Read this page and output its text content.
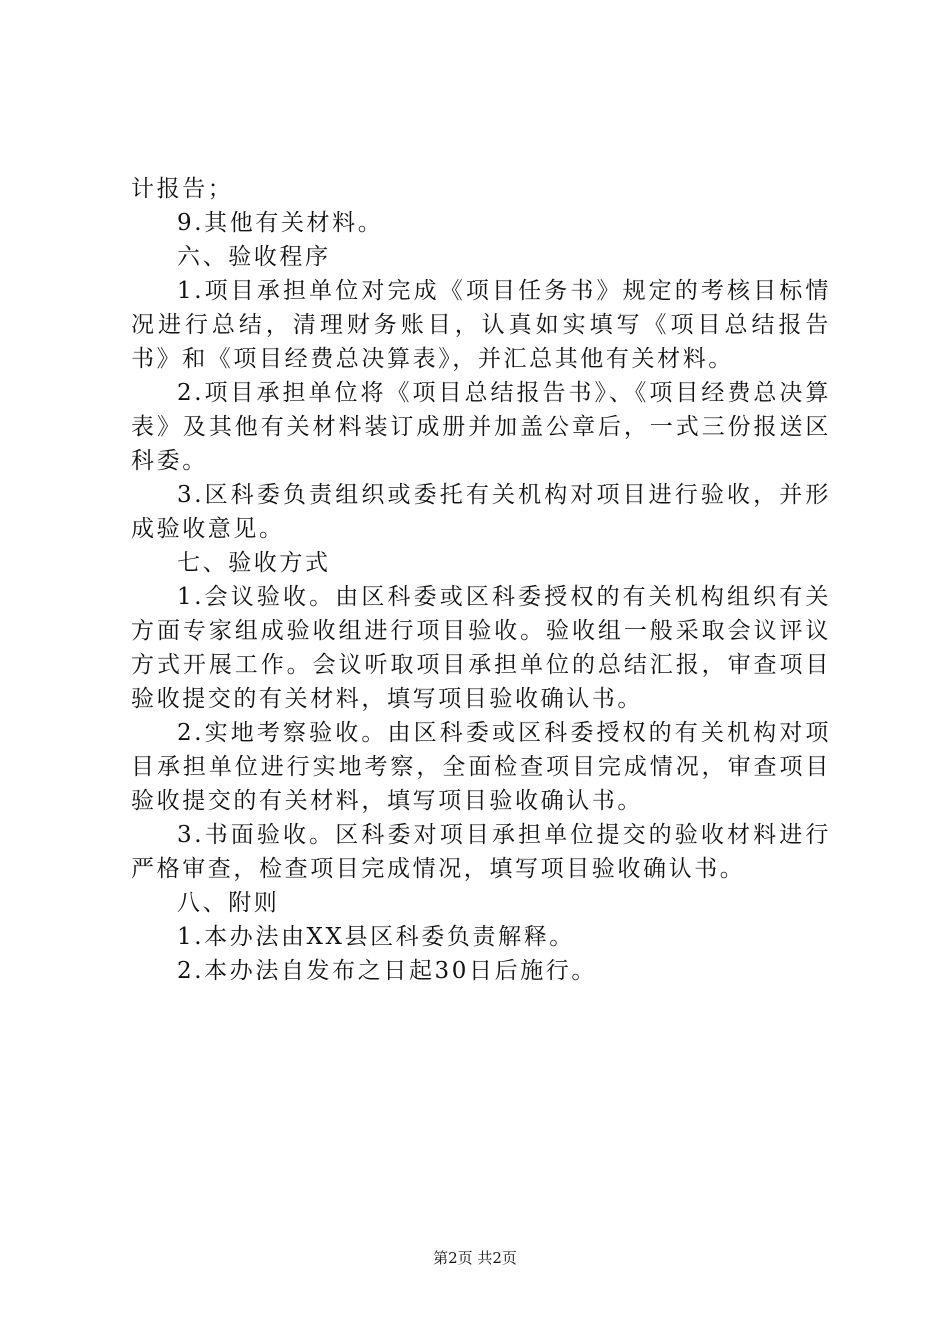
计报告；

9.其他有关材料。

六、验收程序

1.项目承担单位对完成《项目任务书》规定的考核目标情况进行总结，清理财务账目，认真如实填写《项目总结报告书》和《项目经费总决算表》，并汇总其他有关材料。

2.项目承担单位将《项目总结报告书》、《项目经费总决算表》及其他有关材料装订成册并加盖公章后，一式三份报送区科委。

3.区科委负责组织或委托有关机构对项目进行验收，并形成验收意见。

七、验收方式

1.会议验收。由区科委或区科委授权的有关机构组织有关方面专家组成验收组进行项目验收。验收组一般采取会议评议方式开展工作。会议听取项目承担单位的总结汇报，审查项目验收提交的有关材料，填写项目验收确认书。

2.实地考察验收。由区科委或区科委授权的有关机构对项目承担单位进行实地考察，全面检查项目完成情况，审查项目验收提交的有关材料，填写项目验收确认书。

3.书面验收。区科委对项目承担单位提交的验收材料进行严格审查，检查项目完成情况，填写项目验收确认书。

八、附则

1.本办法由XX县区科委负责解释。

2.本办法自发布之日起30日后施行。

第2页 共2页
